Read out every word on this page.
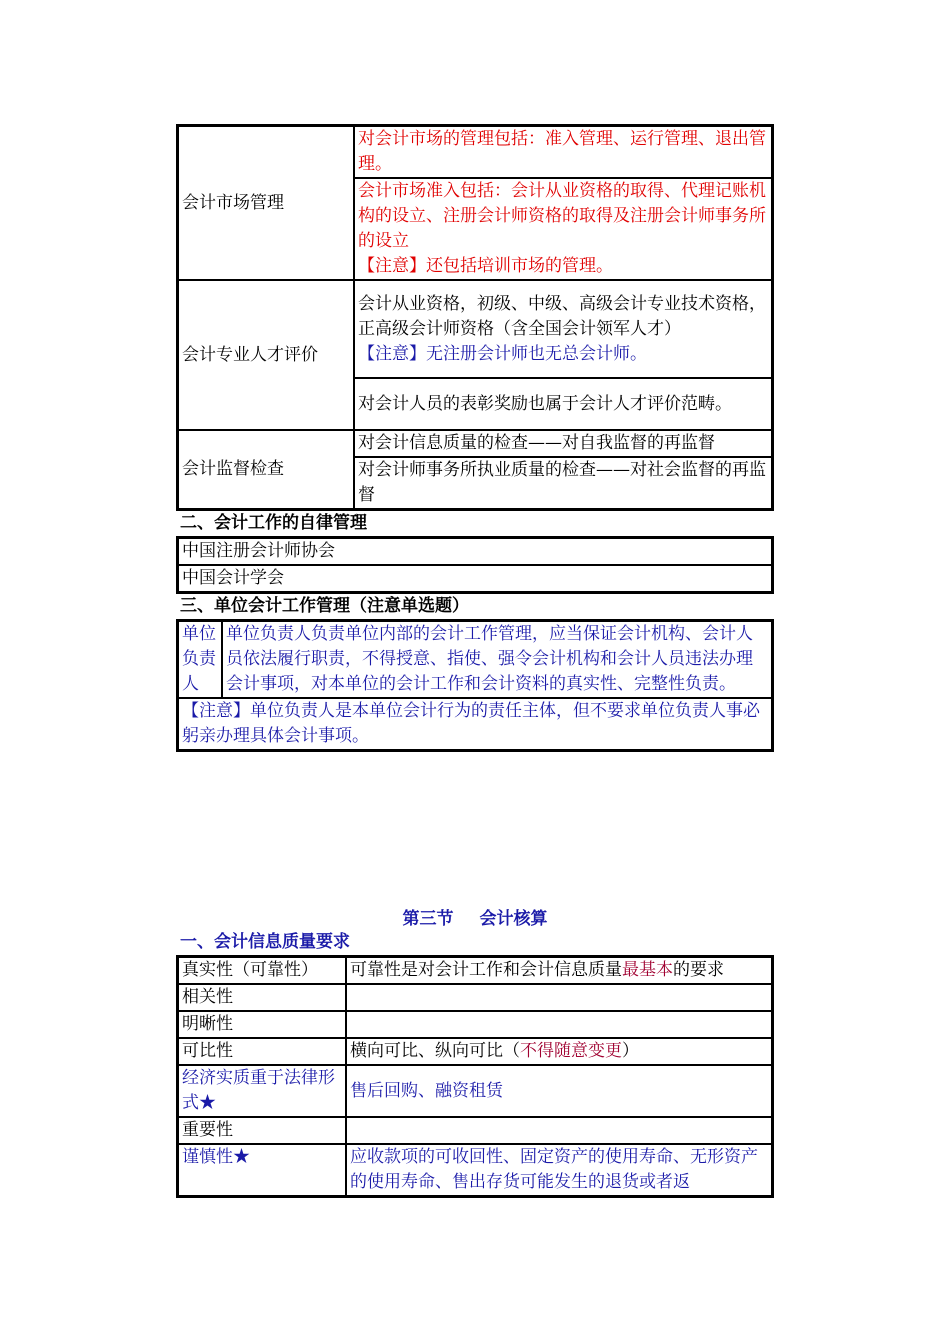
会计市场管理	对会计市场的管理包括：准入管理、运行管理、退出管理。
	会计市场准入包括：会计从业资格的取得、代理记账机构的设立、注册会计师资格的取得及注册会计师事务所的设立
【注意】还包括培训市场的管理。
会计专业人才评价	会计从业资格，初级、中级、高级会计专业技术资格，正高级会计师资格（含全国会计领军人才）
【注意】无注册会计师也无总会计师。
	对会计人员的表彰奖励也属于会计人才评价范畴。
会计监督检查	对会计信息质量的检查——对自我监督的再监督
	对会计师事务所执业质量的检查——对社会监督的再监督
二、会计工作的自律管理
中国注册会计师协会
中国会计学会
三、单位会计工作管理（注意单选题）
单位负责人	单位负责人负责单位内部的会计工作管理，应当保证会计机构、会计人员依法履行职责，不得授意、指使、强令会计机构和会计人员违法办理会计事项，对本单位的会计工作和会计资料的真实性、完整性负责。
【注意】单位负责人是本单位会计行为的责任主体，但不要求单位负责人事必躬亲办理具体会计事项。
第三节 会计核算
一、会计信息质量要求
真实性（可靠性）	可靠性是对会计工作和会计信息质量最基本的要求
相关性	
明晰性	
可比性	横向可比、纵向可比（不得随意变更）
经济实质重于法律形式★	售后回购、融资租赁
重要性	
谨慎性★	应收款项的可收回性、固定资产的使用寿命、无形资产的使用寿命、售出存货可能发生的退货或者返
